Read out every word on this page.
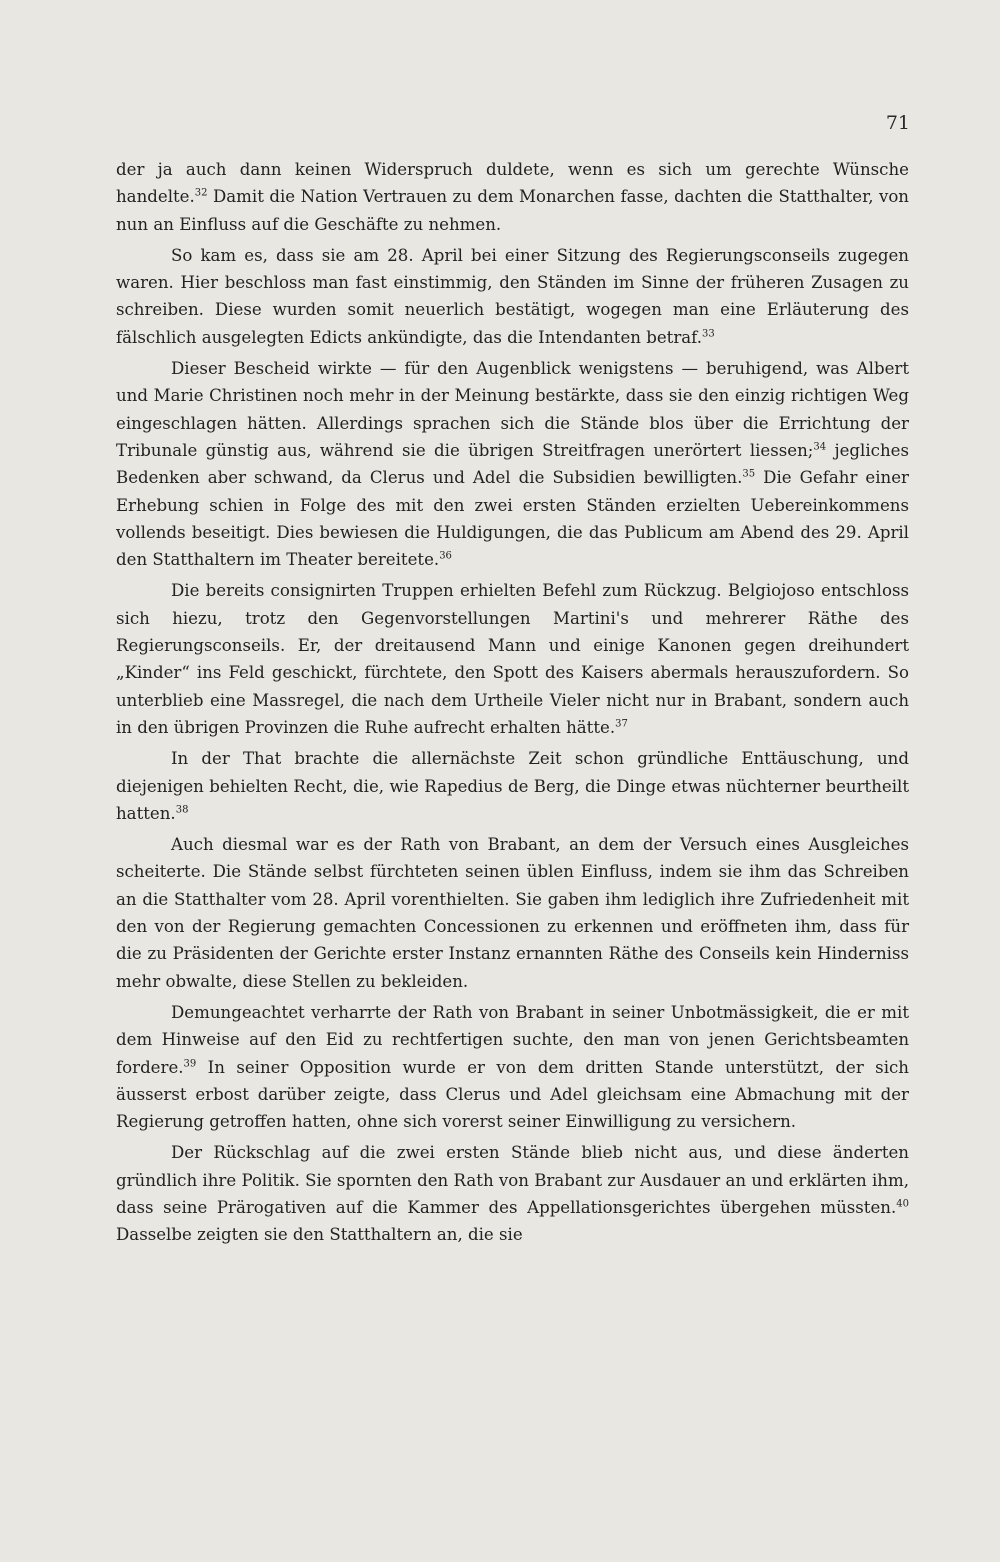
71

der ja auch dann keinen Widerspruch duldete, wenn es sich um gerechte Wünsche handelte.$^{32}$ Damit die Nation Vertrauen zu dem Monarchen fasse, dachten die Statthalter, von nun an Einfluss auf die Geschäfte zu nehmen.

So kam es, dass sie am 28. April bei einer Sitzung des Regierungsconseils zugegen waren. Hier beschloss man fast einstimmig, den Ständen im Sinne der früheren Zusagen zu schreiben. Diese wurden somit neuerlich bestätigt, wogegen man eine Erläuterung des fälschlich ausgelegten Edicts ankündigte, das die Intendanten betraf.$^{33}$

Dieser Bescheid wirkte — für den Augenblick wenigstens — beruhigend, was Albert und Marie Christinen noch mehr in der Meinung bestärkte, dass sie den einzig richtigen Weg eingeschlagen hätten. Allerdings sprachen sich die Stände blos über die Errichtung der Tribunale günstig aus, während sie die übrigen Streitfragen unerörtert liessen;$^{34}$ jegliches Bedenken aber schwand, da Clerus und Adel die Subsidien bewilligten.$^{35}$ Die Gefahr einer Erhebung schien in Folge des mit den zwei ersten Ständen erzielten Uebereinkommens vollends beseitigt. Dies bewiesen die Huldigungen, die das Publicum am Abend des 29. April den Statthaltern im Theater bereitete.$^{36}$

Die bereits consignirten Truppen erhielten Befehl zum Rückzug. Belgiojoso entschloss sich hiezu, trotz den Gegenvorstellungen Martini's und mehrerer Räthe des Regierungsconseils. Er, der dreitausend Mann und einige Kanonen gegen dreihundert „Kinder“ ins Feld geschickt, fürchtete, den Spott des Kaisers abermals herauszufordern. So unterblieb eine Massregel, die nach dem Urtheile Vieler nicht nur in Brabant, sondern auch in den übrigen Provinzen die Ruhe aufrecht erhalten hätte.$^{37}$

In der That brachte die allernächste Zeit schon gründliche Enttäuschung, und diejenigen behielten Recht, die, wie Rapedius de Berg, die Dinge etwas nüchterner beurtheilt hatten.$^{38}$

Auch diesmal war es der Rath von Brabant, an dem der Versuch eines Ausgleiches scheiterte. Die Stände selbst fürchteten seinen üblen Einfluss, indem sie ihm das Schreiben an die Statthalter vom 28. April vorenthielten. Sie gaben ihm lediglich ihre Zufriedenheit mit den von der Regierung gemachten Concessionen zu erkennen und eröffneten ihm, dass für die zu Präsidenten der Gerichte erster Instanz ernannten Räthe des Conseils kein Hinderniss mehr obwalte, diese Stellen zu bekleiden.

Demungeachtet verharrte der Rath von Brabant in seiner Unbotmässigkeit, die er mit dem Hinweise auf den Eid zu rechtfertigen suchte, den man von jenen Gerichtsbeamten fordere.$^{39}$ In seiner Opposition wurde er von dem dritten Stande unterstützt, der sich äusserst erbost darüber zeigte, dass Clerus und Adel gleichsam eine Abmachung mit der Regierung getroffen hatten, ohne sich vorerst seiner Einwilligung zu versichern.

Der Rückschlag auf die zwei ersten Stände blieb nicht aus, und diese änderten gründlich ihre Politik. Sie spornten den Rath von Brabant zur Ausdauer an und erklärten ihm, dass seine Prärogativen auf die Kammer des Appellationsgerichtes übergehen müssten.$^{40}$ Dasselbe zeigten sie den Statthaltern an, die sie
